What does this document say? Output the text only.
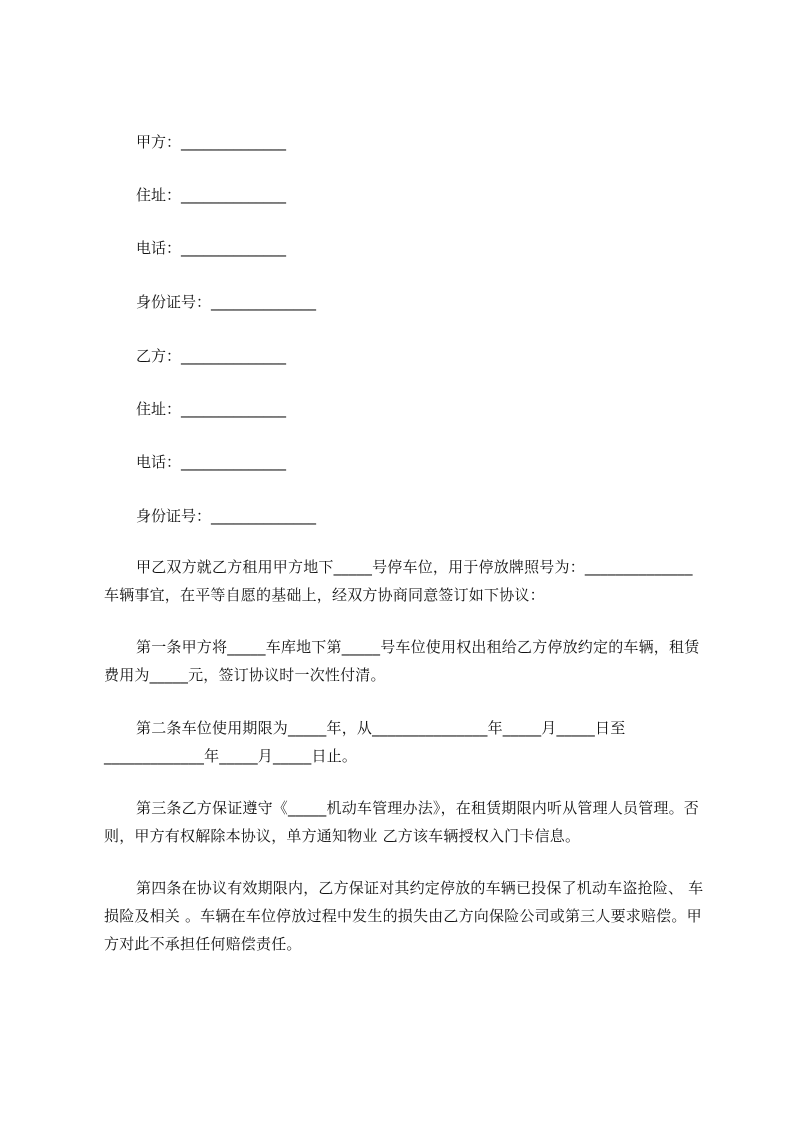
甲方：______________
住址：______________
电话：______________
身份证号：______________
乙方：______________
住址：______________
电话：______________
身份证号：______________
甲乙双方就乙方租用甲方地下_____号停车位，用于停放牌照号为：______________车辆事宜，在平等自愿的基础上，经双方协商同意签订如下协议：
第一条甲方将_____车库地下第_____号车位使用权出租给乙方停放约定的车辆，租赁费用为_____元，签订协议时一次性付清。
第二条车位使用期限为_____年，从_______________年_____月_____日至_____________年_____月_____日止。
第三条乙方保证遵守《_____机动车管理办法》，在租赁期限内听从管理人员管理。否则，甲方有权解除本协议，单方通知物业 乙方该车辆授权入门卡信息。
第四条在协议有效期限内，乙方保证对其约定停放的车辆已投保了机动车盗抢险、 车损险及相关 。车辆在车位停放过程中发生的损失由乙方向保险公司或第三人要求赔偿。甲方对此不承担任何赔偿责任。
